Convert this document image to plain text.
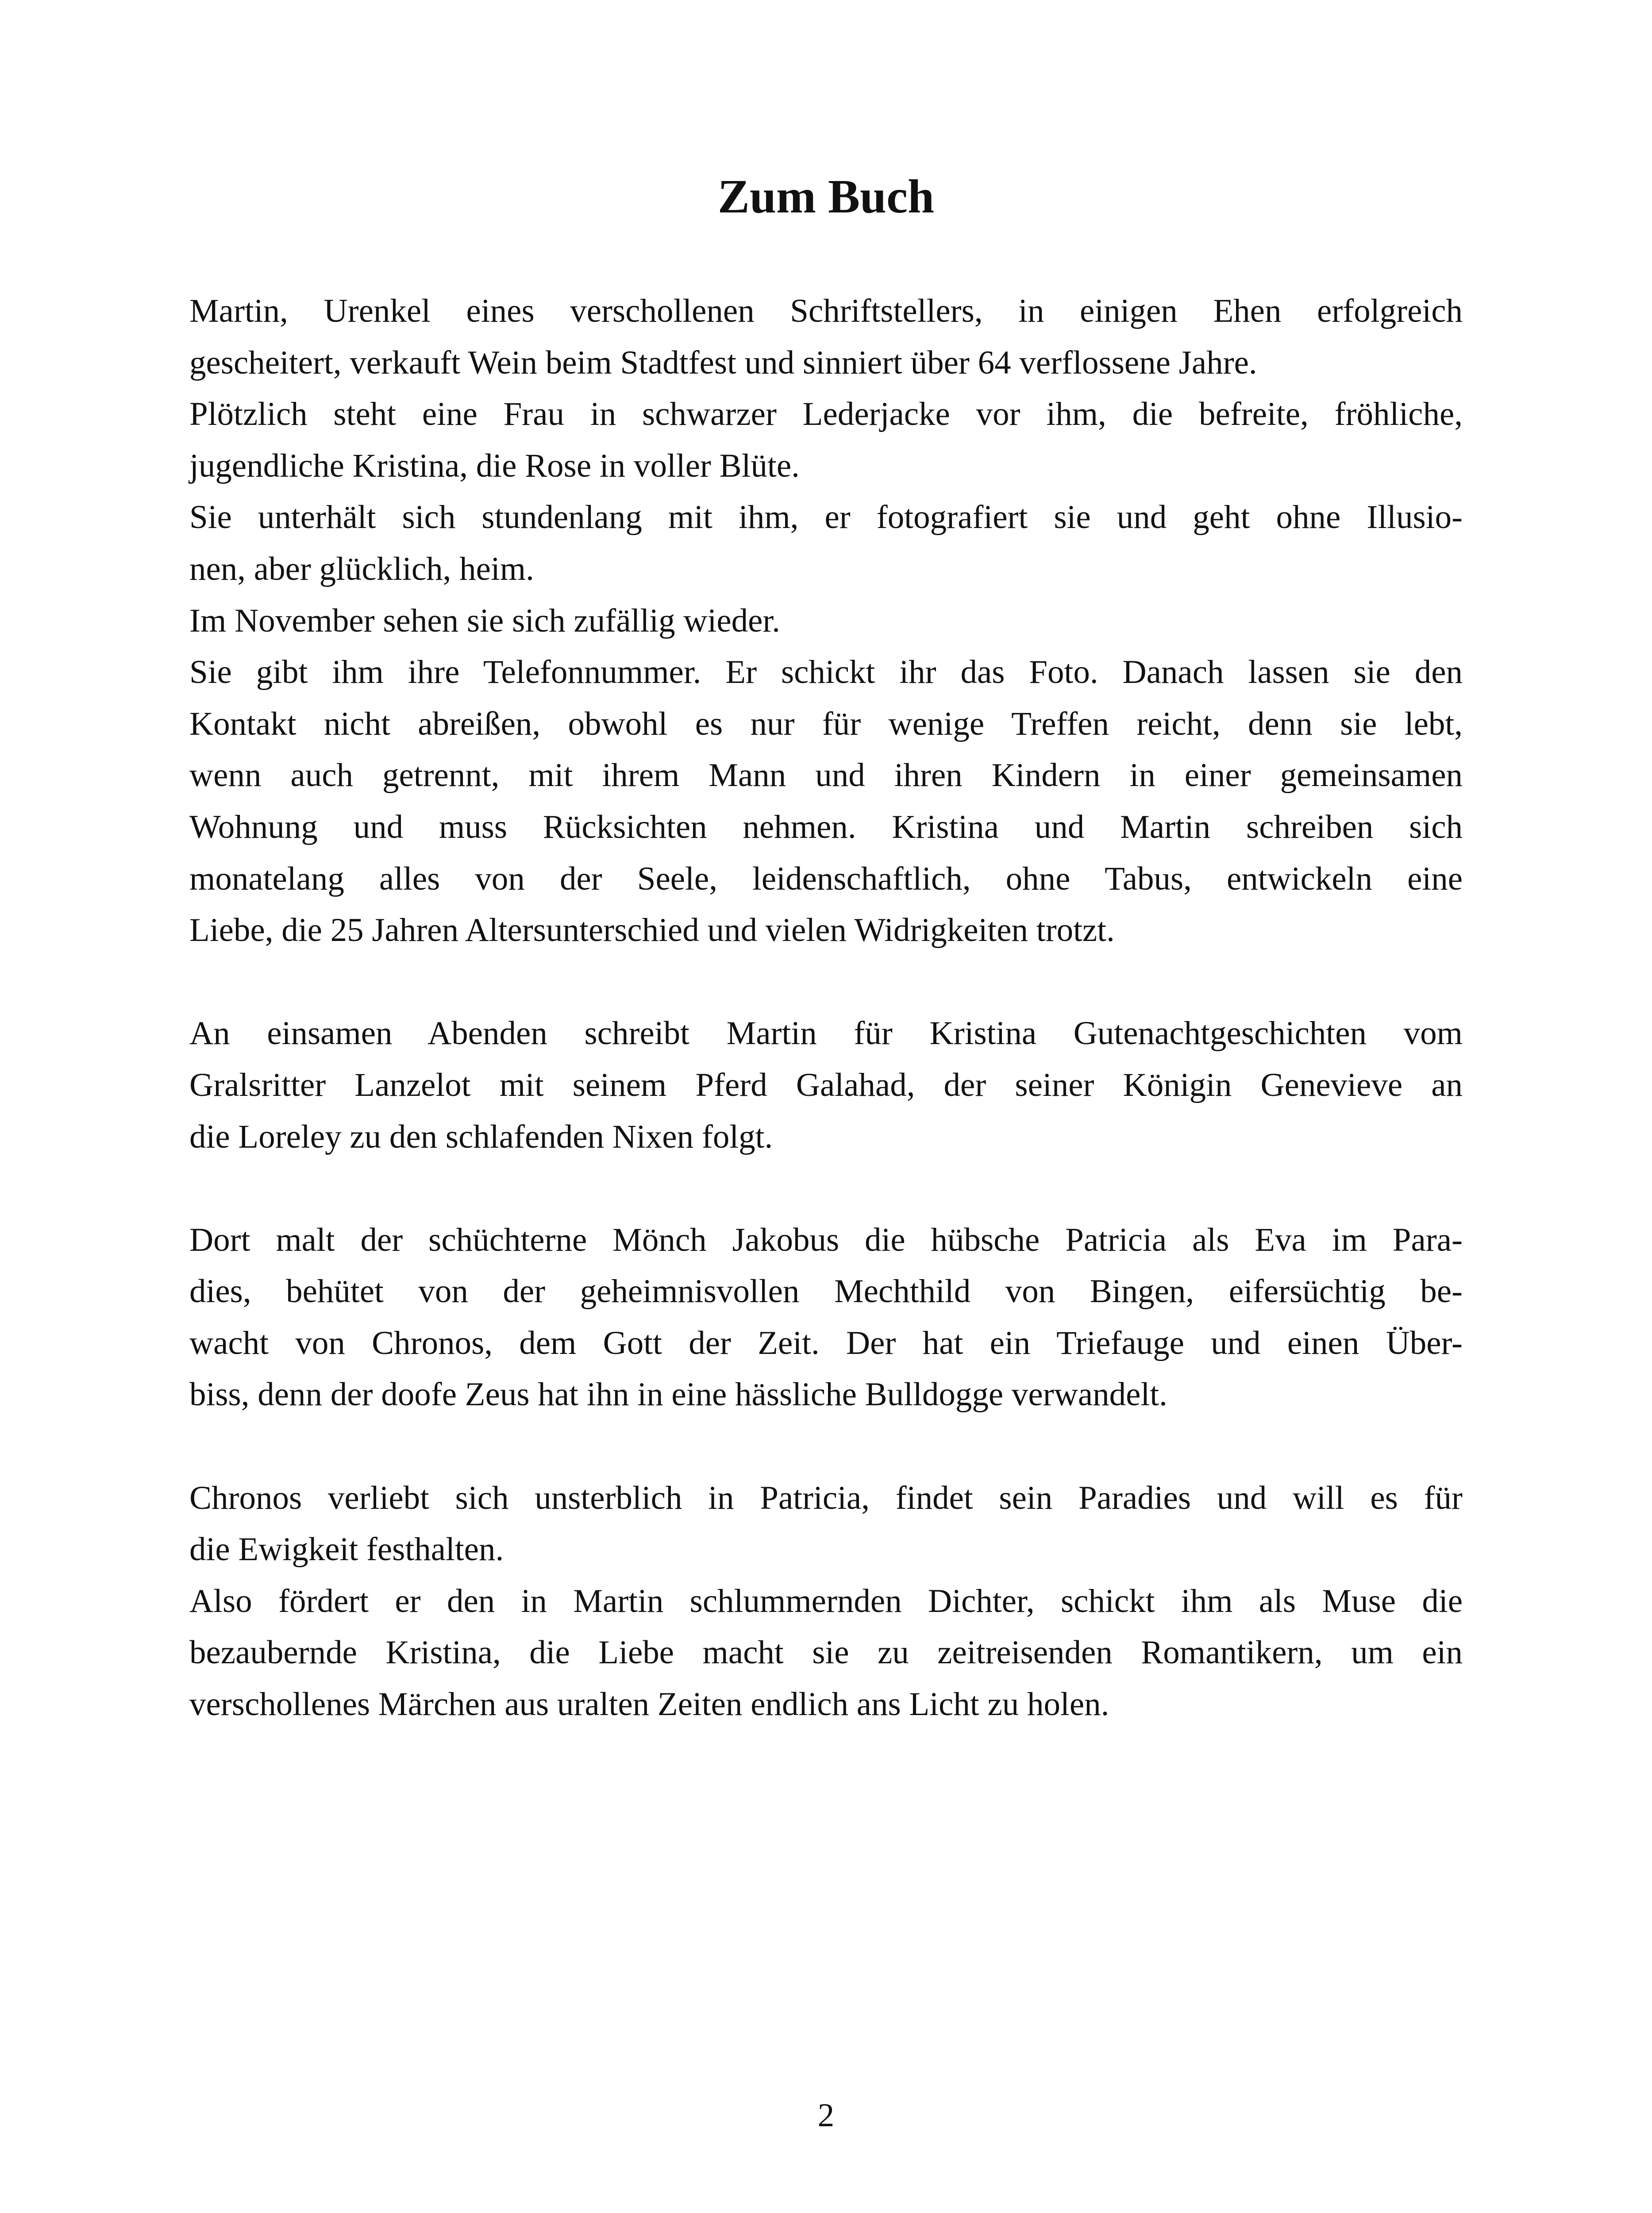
Zum Buch
Martin, Urenkel eines verschollenen Schriftstellers, in einigen Ehen erfolgreich
gescheitert, verkauft Wein beim Stadtfest und sinniert über 64 verflossene Jahre.
Plötzlich steht eine Frau in schwarzer Lederjacke vor ihm, die befreite, fröhliche,
jugendliche Kristina, die Rose in voller Blüte.
Sie unterhält sich stundenlang mit ihm, er fotografiert sie und geht ohne Illusio-
nen, aber glücklich, heim.
Im November sehen sie sich zufällig wieder.
Sie gibt ihm ihre Telefonnummer. Er schickt ihr das Foto. Danach lassen sie den
Kontakt nicht abreißen, obwohl es nur für wenige Treffen reicht, denn sie lebt,
wenn auch getrennt, mit ihrem Mann und ihren Kindern in einer gemeinsamen
Wohnung und muss Rücksichten nehmen. Kristina und Martin schreiben sich
monatelang alles von der Seele, leidenschaftlich, ohne Tabus, entwickeln eine
Liebe, die 25 Jahren Altersunterschied und vielen Widrigkeiten trotzt.
An einsamen Abenden schreibt Martin für Kristina Gutenachtgeschichten vom
Gralsritter Lanzelot mit seinem Pferd Galahad, der seiner Königin Genevieve an
die Loreley zu den schlafenden Nixen folgt.
Dort malt der schüchterne Mönch Jakobus die hübsche Patricia als Eva im Para-
dies, behütet von der geheimnisvollen Mechthild von Bingen, eifersüchtig be-
wacht von Chronos, dem Gott der Zeit. Der hat ein Triefauge und einen Über-
biss, denn der doofe Zeus hat ihn in eine hässliche Bulldogge verwandelt.
Chronos verliebt sich unsterblich in Patricia, findet sein Paradies und will es für
die Ewigkeit festhalten.
Also fördert er den in Martin schlummernden Dichter, schickt ihm als Muse die
bezaubernde Kristina, die Liebe macht sie zu zeitreisenden Romantikern, um ein
verschollenes Märchen aus uralten Zeiten endlich ans Licht zu holen.
2
